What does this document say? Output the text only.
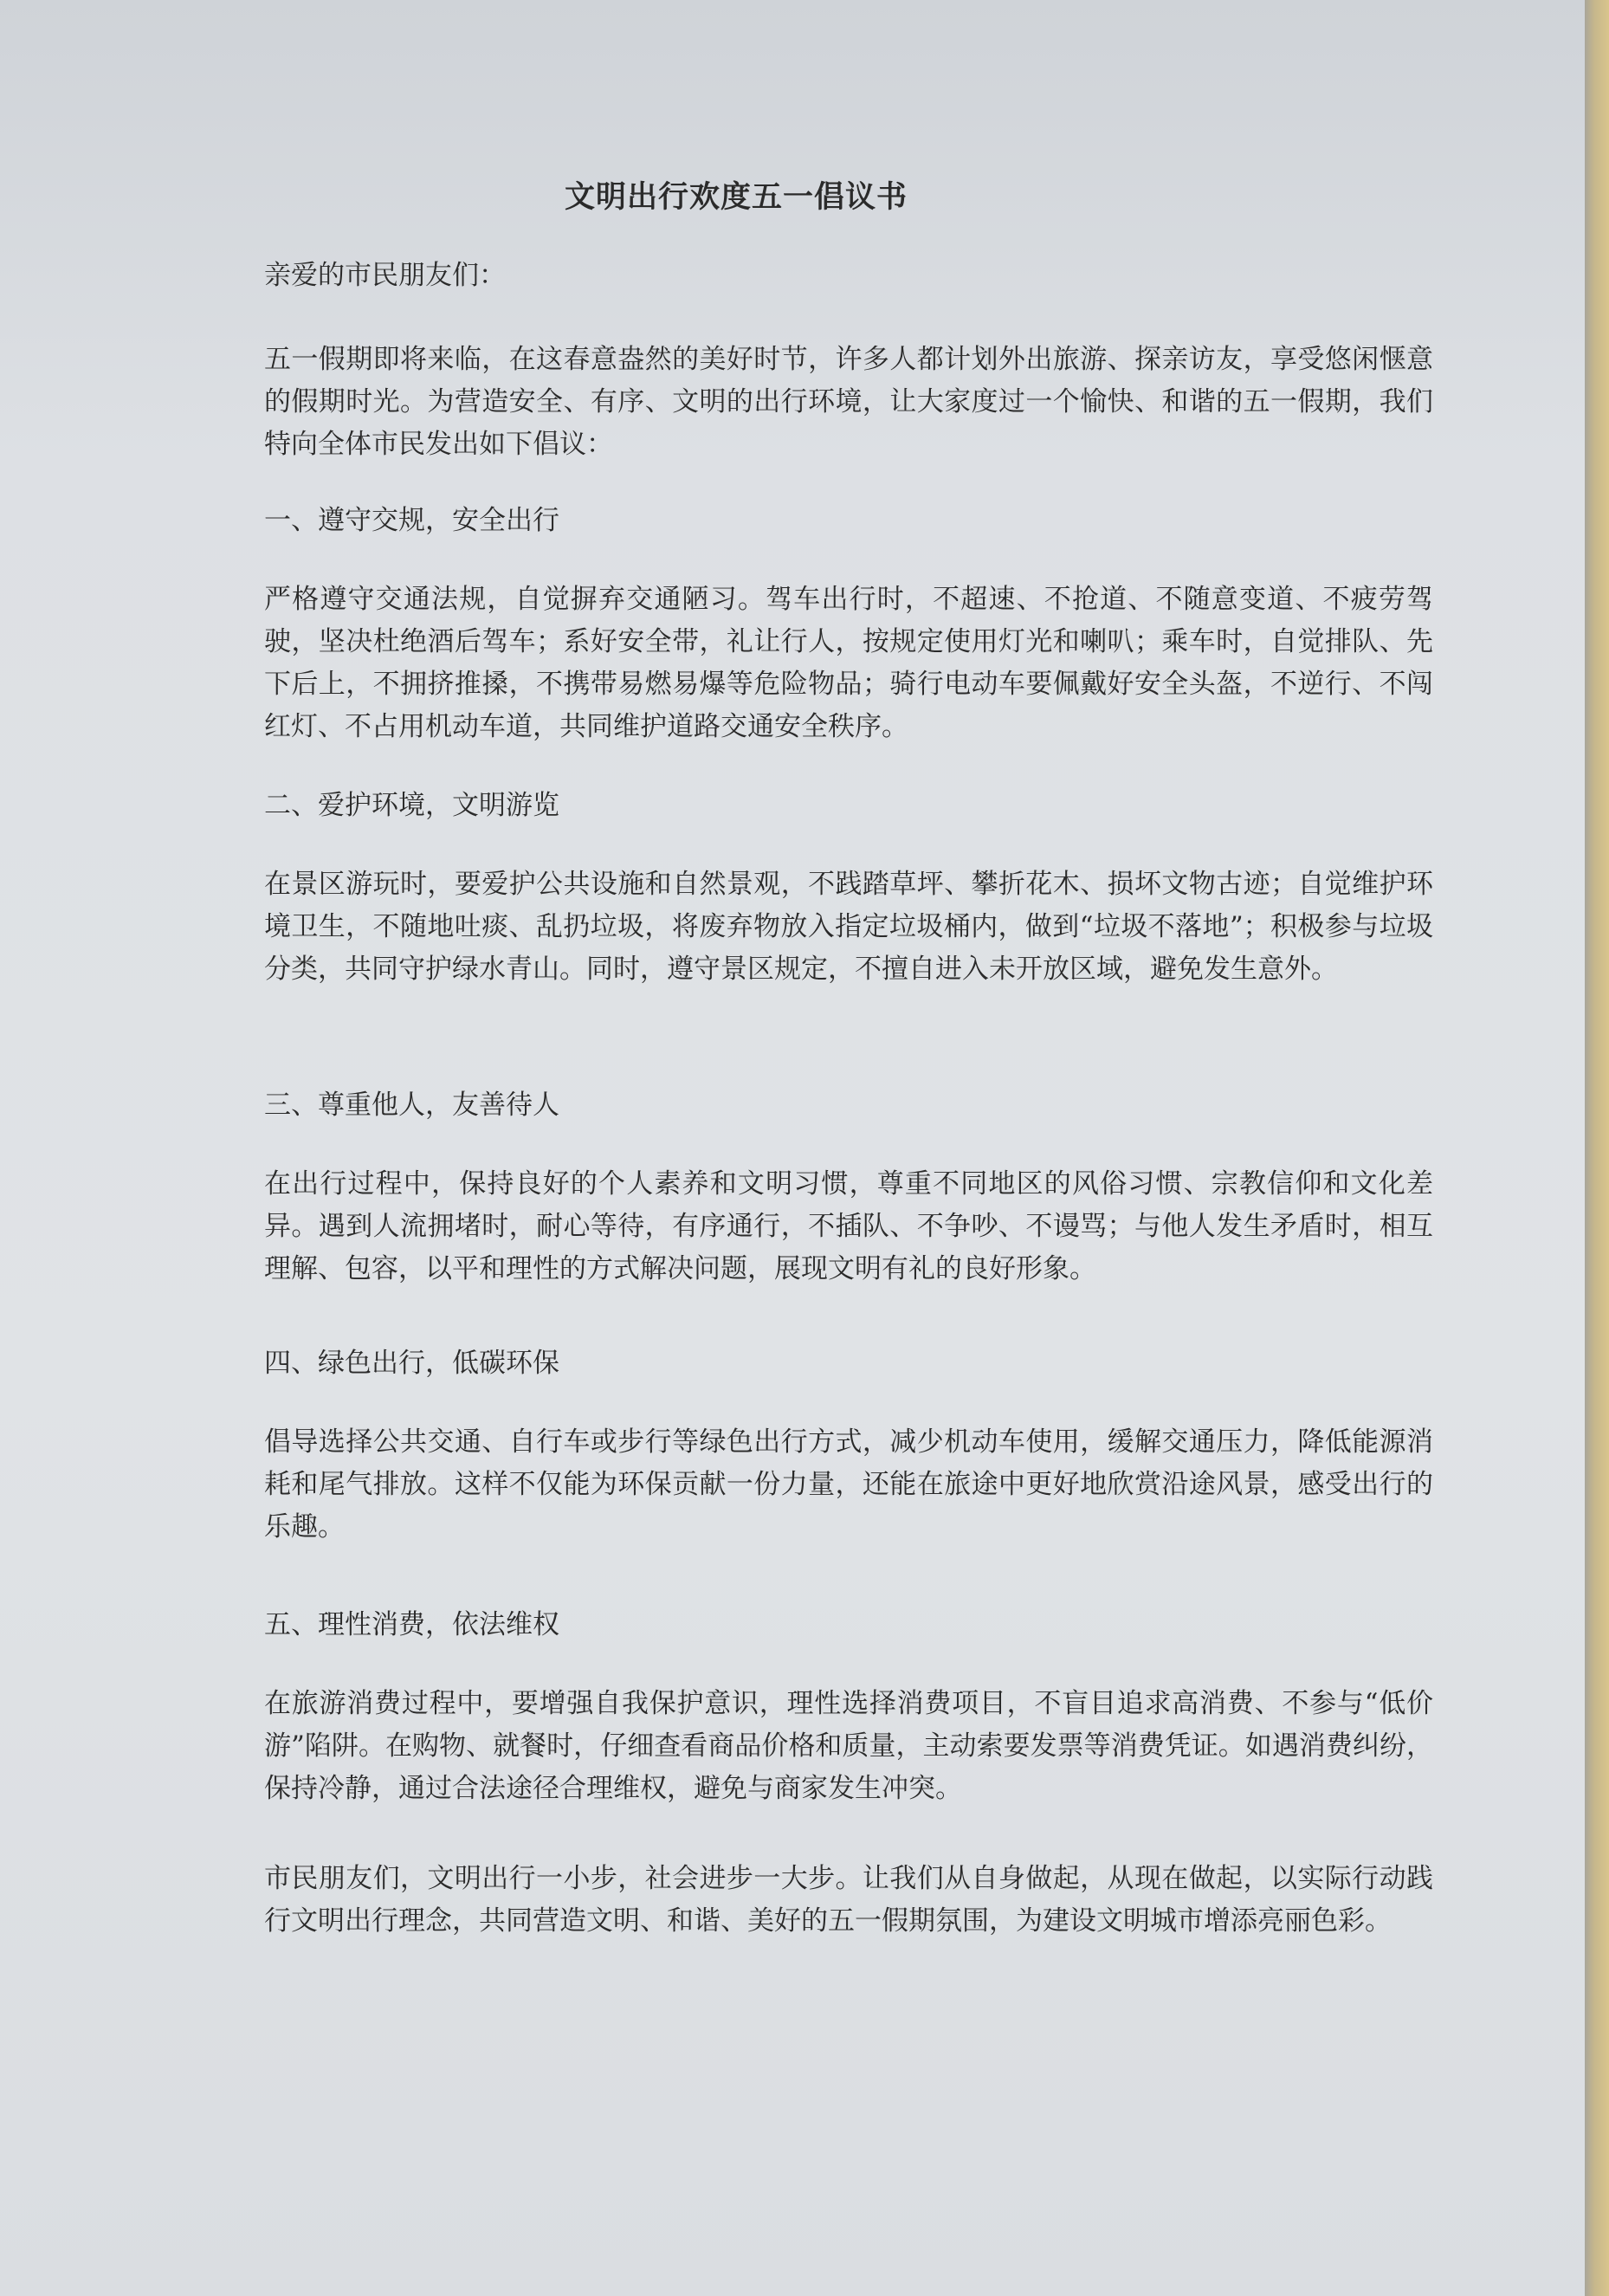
文明出行欢度五一倡议书
亲爱的市民朋友们：

五一假期即将来临，在这春意盎然的美好时节，许多人都计划外出旅游、探亲访友，享受悠闲惬意的假期时光。为营造安全、有序、文明的出行环境，让大家度过一个愉快、和谐的五一假期，我们特向全体市民发出如下倡议：

一、遵守交规，安全出行

严格遵守交通法规，自觉摒弃交通陋习。驾车出行时，不超速、不抢道、不随意变道、不疲劳驾驶，坚决杜绝酒后驾车；系好安全带，礼让行人，按规定使用灯光和喇叭；乘车时，自觉排队、先下后上，不拥挤推搡，不携带易燃易爆等危险物品；骑行电动车要佩戴好安全头盔，不逆行、不闯红灯、不占用机动车道，共同维护道路交通安全秩序。

二、爱护环境，文明游览

在景区游玩时，要爱护公共设施和自然景观，不践踏草坪、攀折花木、损坏文物古迹；自觉维护环境卫生，不随地吐痰、乱扔垃圾，将废弃物放入指定垃圾桶内，做到“垃圾不落地”；积极参与垃圾分类，共同守护绿水青山。同时，遵守景区规定，不擅自进入未开放区域，避免发生意外。

三、尊重他人，友善待人

在出行过程中，保持良好的个人素养和文明习惯，尊重不同地区的风俗习惯、宗教信仰和文化差异。遇到人流拥堵时，耐心等待，有序通行，不插队、不争吵、不谩骂；与他人发生矛盾时，相互理解、包容，以平和理性的方式解决问题，展现文明有礼的良好形象。

四、绿色出行，低碳环保

倡导选择公共交通、自行车或步行等绿色出行方式，减少机动车使用，缓解交通压力，降低能源消耗和尾气排放。这样不仅能为环保贡献一份力量，还能在旅途中更好地欣赏沿途风景，感受出行的乐趣。

五、理性消费，依法维权

在旅游消费过程中，要增强自我保护意识，理性选择消费项目，不盲目追求高消费、不参与“低价游”陷阱。在购物、就餐时，仔细查看商品价格和质量，主动索要发票等消费凭证。如遇消费纠纷，保持冷静，通过合法途径合理维权，避免与商家发生冲突。

市民朋友们，文明出行一小步，社会进步一大步。让我们从自身做起，从现在做起，以实际行动践行文明出行理念，共同营造文明、和谐、美好的五一假期氛围，为建设文明城市增添亮丽色彩。
